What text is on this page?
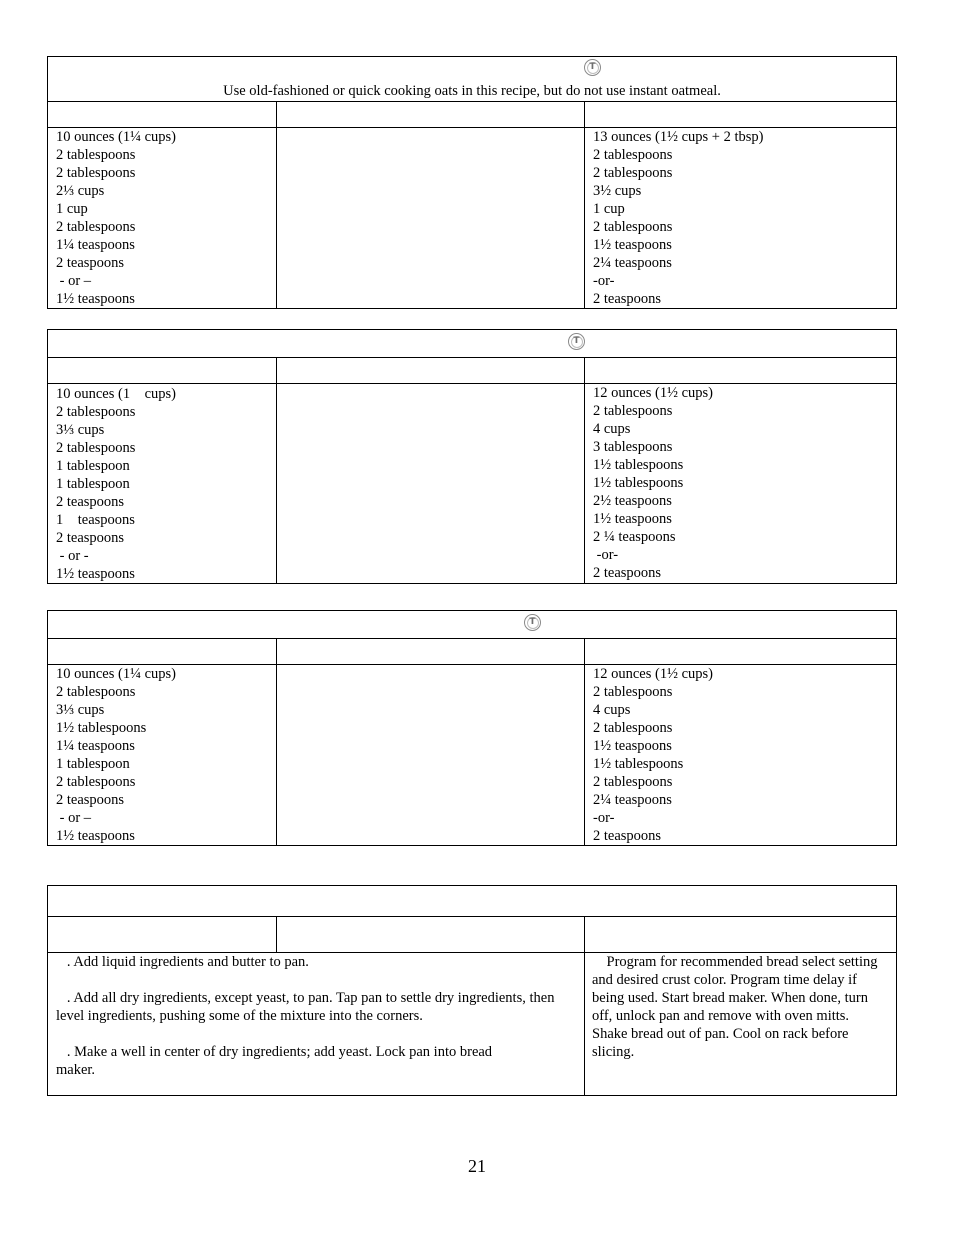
T
Use old-fashioned or quick cooking oats in this recipe, but do not use instant oatmeal.
10 ounces (1¼ cups)
2 tablespoons
2 tablespoons
2⅓ cups
1 cup
2 tablespoons
1¼ teaspoons
2 teaspoons
- or –
1½ teaspoons
13 ounces (1½ cups + 2 tbsp)
2 tablespoons
2 tablespoons
3½ cups
1 cup
2 tablespoons
1½ teaspoons
2¼ teaspoons
-or-
2 teaspoons
T
10 ounces (1    cups)
2 tablespoons
3⅓ cups
2 tablespoons
1 tablespoon
1 tablespoon
2 teaspoons
1    teaspoons
2 teaspoons
- or -
1½ teaspoons
12 ounces (1½ cups)
2 tablespoons
4 cups
3 tablespoons
1½ tablespoons
1½ tablespoons
2½ teaspoons
1½ teaspoons
2 ¼ teaspoons
-or-
2 teaspoons
T
10 ounces (1¼ cups)
2 tablespoons
3⅓ cups
1½ tablespoons
1¼ teaspoons
1 tablespoon
2 tablespoons
2 teaspoons
- or –
1½ teaspoons
12 ounces (1½ cups)
2 tablespoons
4 cups
2 tablespoons
1½ teaspoons
1½ tablespoons
2 tablespoons
2¼ teaspoons
-or-
2 teaspoons

. Add liquid ingredients and butter to pan.

. Add all dry ingredients, except yeast, to pan. Tap pan to settle dry ingredients, then level ingredients, pushing some of the mixture into the corners.

. Make a well in center of dry ingredients; add yeast. Lock pan into bread maker.

Program for recommended bread select setting and desired crust color. Program time delay if being used. Start bread maker. When done, turn off, unlock pan and remove with oven mitts. Shake bread out of pan. Cool on rack before slicing.
21
